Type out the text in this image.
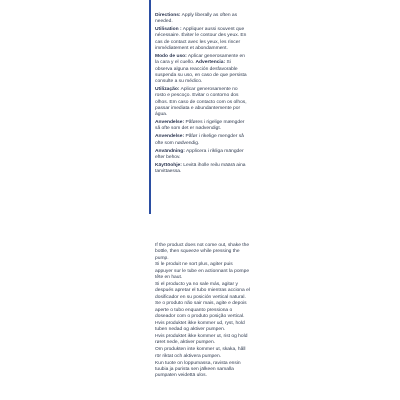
Directions: Apply liberally as often as needed.

Utilisation : Appliquer aussi souvent que nécessaire. Éviter le contour des yeux. En cas de contact avec les yeux, les rincer immédiatement et abondamment.

Modo de uso: Aplicar generosamente en la cara y el cuello. Advertencia: Si observa alguna reacción desfavorable suspenda su uso, en caso de que persista consulte a su médico.

Utilização: Aplicar generosamente no rosto e pescoço. Evitar o contorno dos olhos. Em caso de contacto com os olhos, passar imediata e abundantemente por água.

Anvendelse: Påføres i rigelige mængder så ofte som det er nødvendigt.

Anvendelse: Påfør i rikelige mengder så ofte som nødvendig.

Användning: Applicera i rikliga mängder efter behov.

Käyttöohje: Levitä iholle reilu määrä aina tarvittaessa.

If the product does not come out, shake the bottle, then squeeze while pressing the pump.

Si le produit ne sort plus, agiter puis appuyer sur le tube en actionnant la pompe tête en haut.

Si el producto ya no sale más, agitar y después apretar el tubo mientras acciona el dosificador en su posición vertical natural.

Se o produto não sair mais, agite e depois aperte o tubo enquanto pressiona o doseador com o produto posição vertical.

Hvis produktet ikke kommer ud, ryst, hold tuben nedad og aktiver pumpen.

Hvis produktet ikke kommer ut, rist og hold røret nede, aktiver pumpen.

Om produkten inte kommer ut, skaka, håll rör riktat och aktivera pumpen.

Kun tuote on loppumassa, ravista ensin tuubia ja purista sen jälkeen samalla pumpaten veidettä ulos.
